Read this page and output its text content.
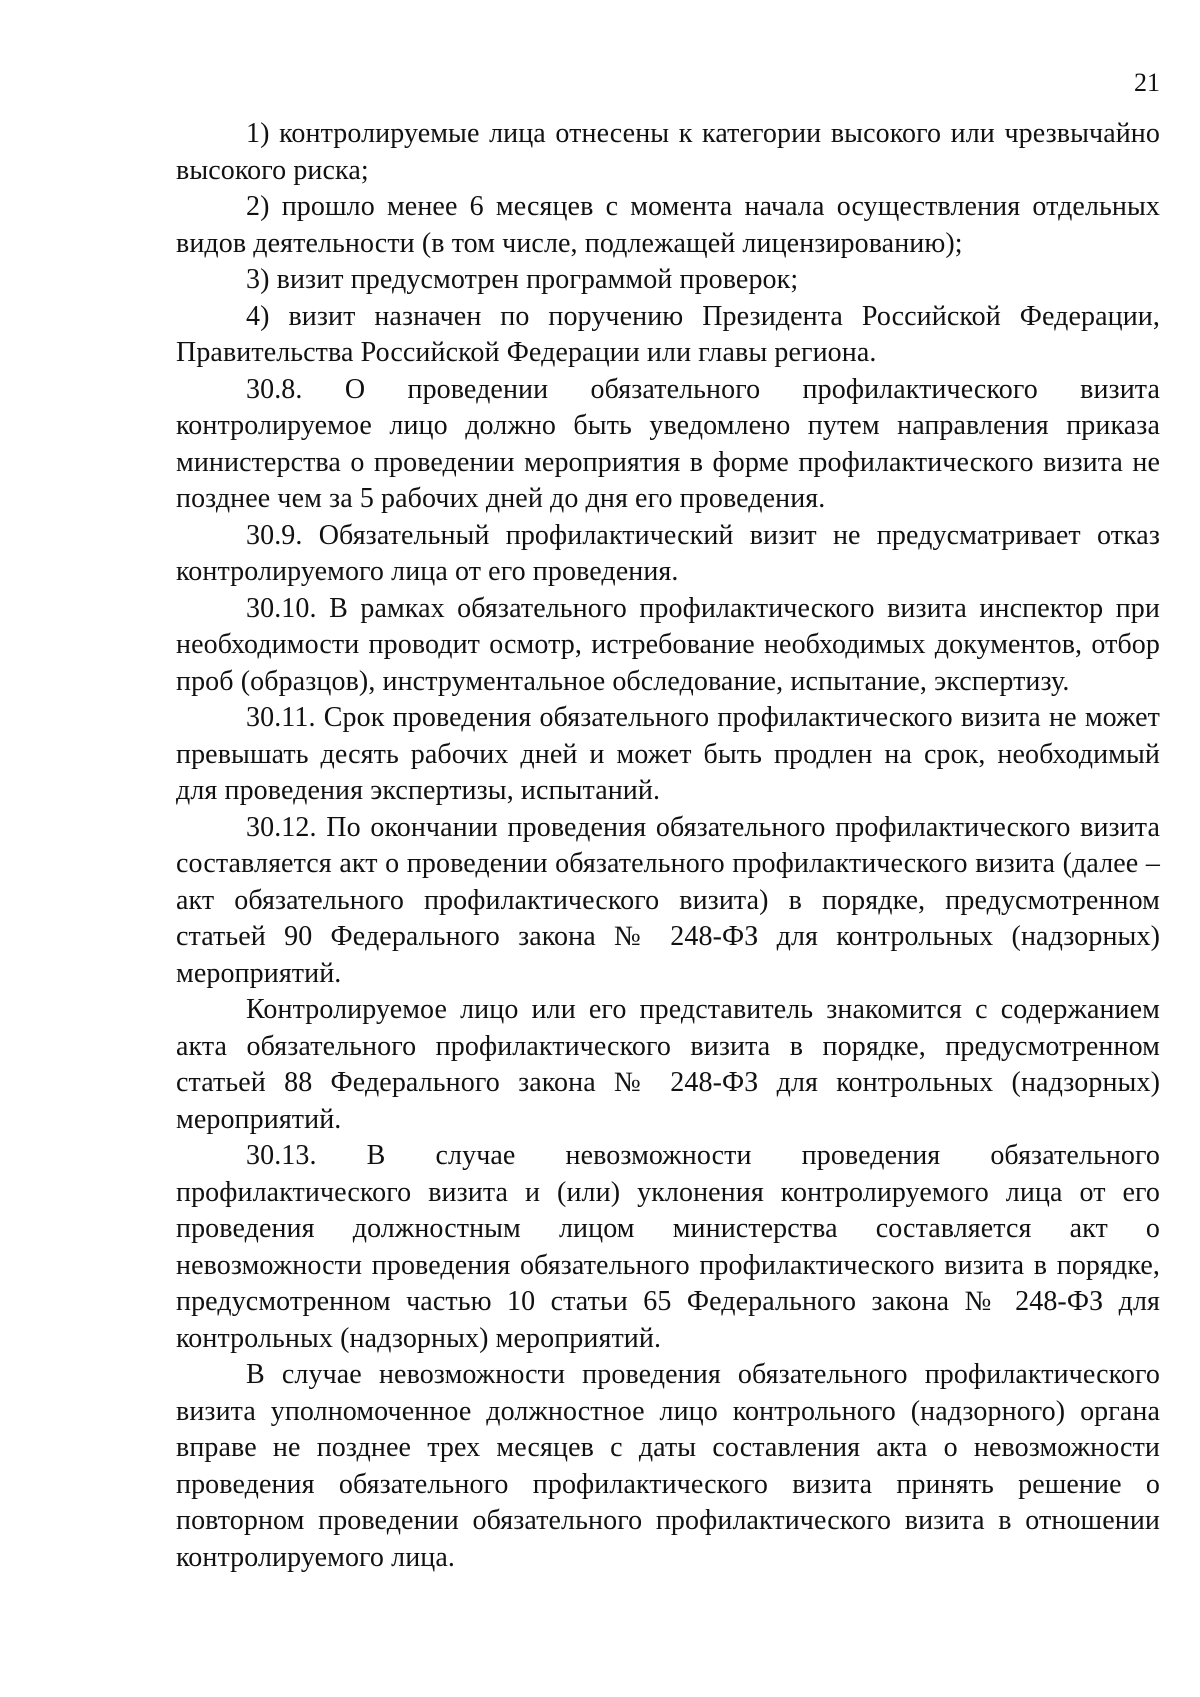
21

1) контролируемые лица отнесены к категории высокого или чрезвычайно высокого риска;

2) прошло менее 6 месяцев с момента начала осуществления отдельных видов деятельности (в том числе, подлежащей лицензированию);

3) визит предусмотрен программой проверок;

4) визит назначен по поручению Президента Российской Федерации, Правительства Российской Федерации или главы региона.

30.8. О проведении обязательного профилактического визита контролируемое лицо должно быть уведомлено путем направления приказа министерства о проведении мероприятия в форме профилактического визита не позднее чем за 5 рабочих дней до дня его проведения.

30.9. Обязательный профилактический визит не предусматривает отказ контролируемого лица от его проведения.

30.10. В рамках обязательного профилактического визита инспектор при необходимости проводит осмотр, истребование необходимых документов, отбор проб (образцов), инструментальное обследование, испытание, экспертизу.

30.11. Срок проведения обязательного профилактического визита не может превышать десять рабочих дней и может быть продлен на срок, необходимый для проведения экспертизы, испытаний.

30.12. По окончании проведения обязательного профилактического визита составляется акт о проведении обязательного профилактического визита (далее – акт обязательного профилактического визита) в порядке, предусмотренном статьей 90 Федерального закона № 248-ФЗ для контрольных (надзорных) мероприятий.

Контролируемое лицо или его представитель знакомится с содержанием акта обязательного профилактического визита в порядке, предусмотренном статьей 88 Федерального закона № 248-ФЗ для контрольных (надзорных) мероприятий.

30.13. В случае невозможности проведения обязательного профилактического визита и (или) уклонения контролируемого лица от его проведения должностным лицом министерства составляется акт о невозможности проведения обязательного профилактического визита в порядке, предусмотренном частью 10 статьи 65 Федерального закона № 248-ФЗ для контрольных (надзорных) мероприятий.

В случае невозможности проведения обязательного профилактического визита уполномоченное должностное лицо контрольного (надзорного) органа вправе не позднее трех месяцев с даты составления акта о невозможности проведения обязательного профилактического визита принять решение о повторном проведении обязательного профилактического визита в отношении контролируемого лица.
